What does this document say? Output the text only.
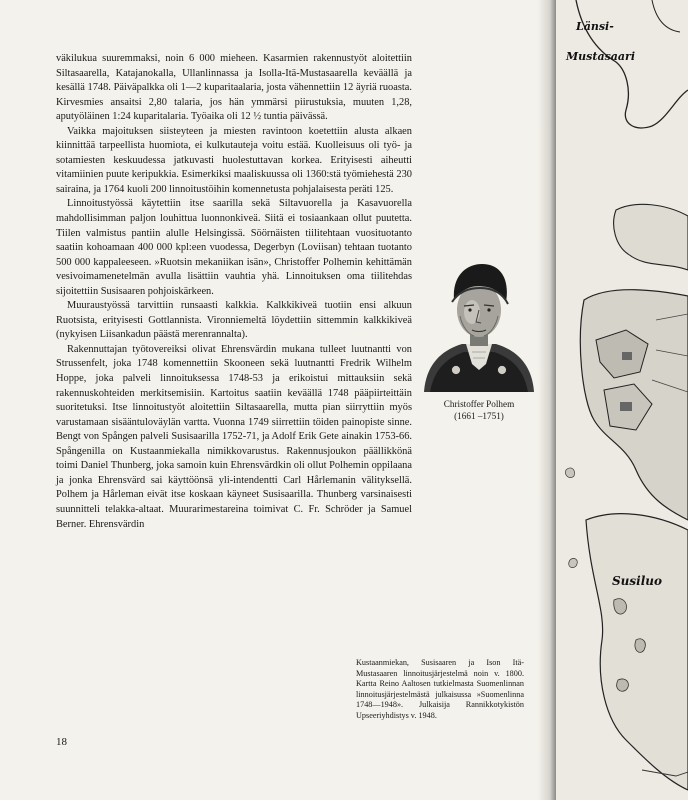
väkilukua suuremmaksi, noin 6 000 mieheen. Kasarmien rakennustyöt aloitettiin Siltasaarella, Katajanokalla, Ullanlinnassa ja Isolla-Itä-Mustasaarella keväällä ja kesällä 1748. Päiväpalkka oli 1—2 kuparitaalaria, josta vähennettiin 12 äyriä ruoasta. Kirvesmies ansaitsi 2,80 talaria, jos hän ymmärsi piirustuksia, muuten 1,28, aputyöläinen 1:24 kuparitalaria. Työaika oli 12 ½ tuntia päivässä.

Vaikka majoituksen siisteyteen ja miesten ravintoon koetettiin alusta alkaen kiinnittää tarpeellista huomiota, ei kulkutauteja voitu estää. Kuolleisuus oli työ- ja sotamiesten keskuudessa jatkuvasti huolestuttavan korkea. Erityisesti aiheutti vitamiinien puute keripukkia. Esimerkiksi maaliskuussa oli 1360:stä työmiehestä 230 sairaina, ja 1764 kuoli 200 linnoitustöihin komennetusta pohjalaisesta peräti 125.

Linnoitustyössä käytettiin itse saarilla sekä Siltavuorella ja Kasavuorella mahdollisimman paljon louhittua luonnonkiveä. Siitä ei tosiaankaan ollut puutetta. Tiilen valmistus pantiin alulle Helsingissä. Söörnäisten tiilitehtaan vuosituotanto saatiin kohoamaan 400 000 kpl:een vuodessa, Degerbyn (Loviisan) tehtaan tuotanto 500 000 kappaleeseen. »Ruotsin mekaniikan isän», Christoffer Polhemin kehittämän vesivoimamenetelmän avulla lisättiin vauhtia yhä. Linnoituksen oma tiilitehdas sijoitettiin Susisaaren pohjoiskärkeen.

Muuraustyössä tarvittiin runsaasti kalkkia. Kalkkikiveä tuotiin ensi alkuun Ruotsista, erityisesti Gottlannista. Vironniemeltä löydettiin sittemmin kalkkikiveä (nykyisen Liisankadun päästä merenrannalta).

Rakennuttajan työtovereiksi olivat Ehrensvärdin mukana tulleet luutnantti von Strussenfelt, joka 1748 komennettiin Skooneen sekä luutnantti Fredrik Wilhelm Hoppe, joka palveli linnoituksessa 1748-53 ja erikoistui mittauksiin sekä rakennuskohteiden merkitsemisiin. Kartoitus saatiin keväällä 1748 pääpiirteittäin suoritetuksi. Itse linnoitustyöt aloitettiin Siltasaarella, mutta pian siirryttiin myös varustamaan sisääntuloväylän vartta. Vuonna 1749 siirrettiin töiden painopiste sinne. Bengt von Spången palveli Susisaarilla 1752-71, ja Adolf Erik Gete ainakin 1753-66. Spångenilla on Kustaanmiekalla nimikkovarustus. Rakennusjoukon päällikkönä toimi Daniel Thunberg, joka samoin kuin Ehrensvärdkin oli ollut Polhemin oppilaana ja jonka Ehrensvärd sai käyttöönsä yli-intendentti Carl Hårlemanin välityksellä. Polhem ja Hårleman eivät itse koskaan käyneet Susisaarilla. Thunberg varsinaisesti suunnitteli telakka-altaat. Muurarimestareina toimivat C. Fr. Schröder ja Samuel Berner. Ehrensvärdin

Christoffer Polhem
(1661 –1751)
Kustaanmiekan, Susisaaren ja Ison Itä-Mustasaaren linnoitusjärjestelmä noin v. 1800. Kartta Reino Aaltosen tutkielmasta Suomenlinnan linnoitusjärjestelmästä julkaisussa »Suomenlinna 1748—1948». Julkaisija Rannikkotykistön Upseeriyhdistys v. 1948.
18
Länsi-
Mustasaari
Susiluo
